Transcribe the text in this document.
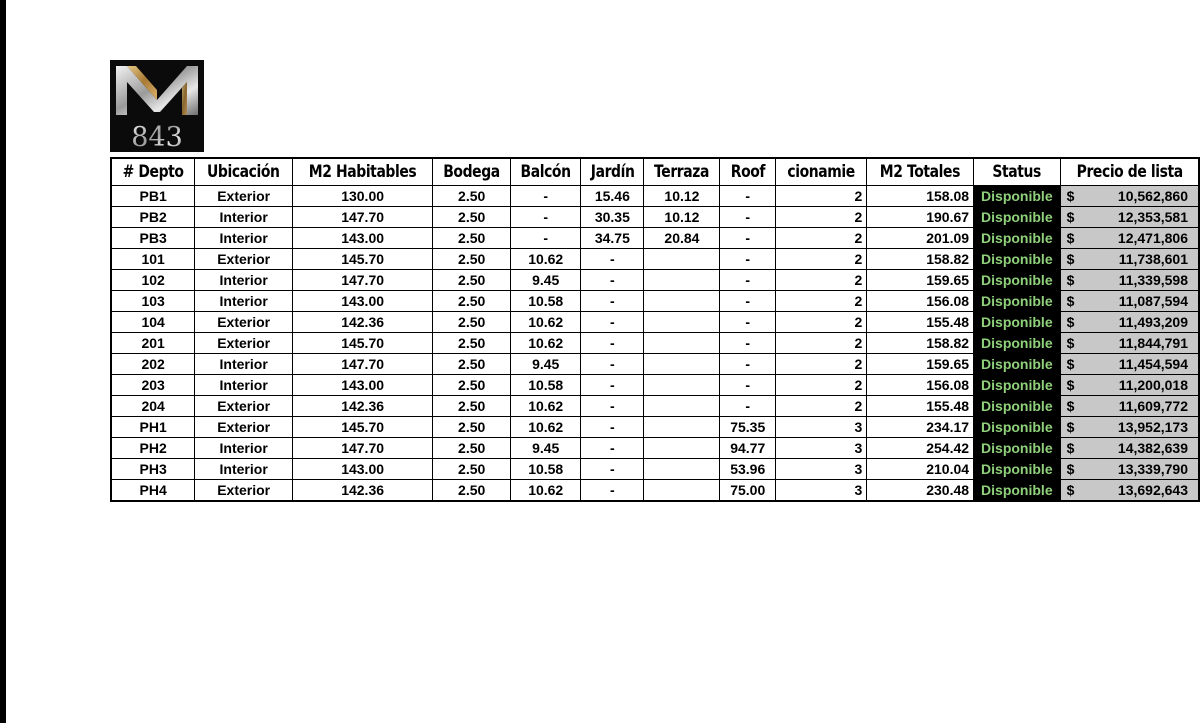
843
# Depto	Ubicación	M2 Habitables	Bodega	Balcón	Jardín	Terraza	Roof	cionamie	M2 Totales	Status	Precio de lista
PB1	Exterior	130.00	2.50	-	15.46	10.12	-	2	158.08	Disponible	$ 10,562,860

PB2	Interior	147.70	2.50	-	30.35	10.12	-	2	190.67	Disponible	$ 12,353,581

PB3	Interior	143.00	2.50	-	34.75	20.84	-	2	201.09	Disponible	$ 12,471,806

101	Exterior	145.70	2.50	10.62	-		-	2	158.82	Disponible	$ 11,738,601

102	Interior	147.70	2.50	9.45	-		-	2	159.65	Disponible	$ 11,339,598

103	Interior	143.00	2.50	10.58	-		-	2	156.08	Disponible	$ 11,087,594

104	Exterior	142.36	2.50	10.62	-		-	2	155.48	Disponible	$ 11,493,209

201	Exterior	145.70	2.50	10.62	-		-	2	158.82	Disponible	$ 11,844,791

202	Interior	147.70	2.50	9.45	-		-	2	159.65	Disponible	$ 11,454,594

203	Interior	143.00	2.50	10.58	-		-	2	156.08	Disponible	$ 11,200,018

204	Exterior	142.36	2.50	10.62	-		-	2	155.48	Disponible	$ 11,609,772

PH1	Exterior	145.70	2.50	10.62	-		75.35	3	234.17	Disponible	$ 13,952,173

PH2	Interior	147.70	2.50	9.45	-		94.77	3	254.42	Disponible	$ 14,382,639

PH3	Interior	143.00	2.50	10.58	-		53.96	3	210.04	Disponible	$ 13,339,790

PH4	Exterior	142.36	2.50	10.62	-		75.00	3	230.48	Disponible	$ 13,692,643
